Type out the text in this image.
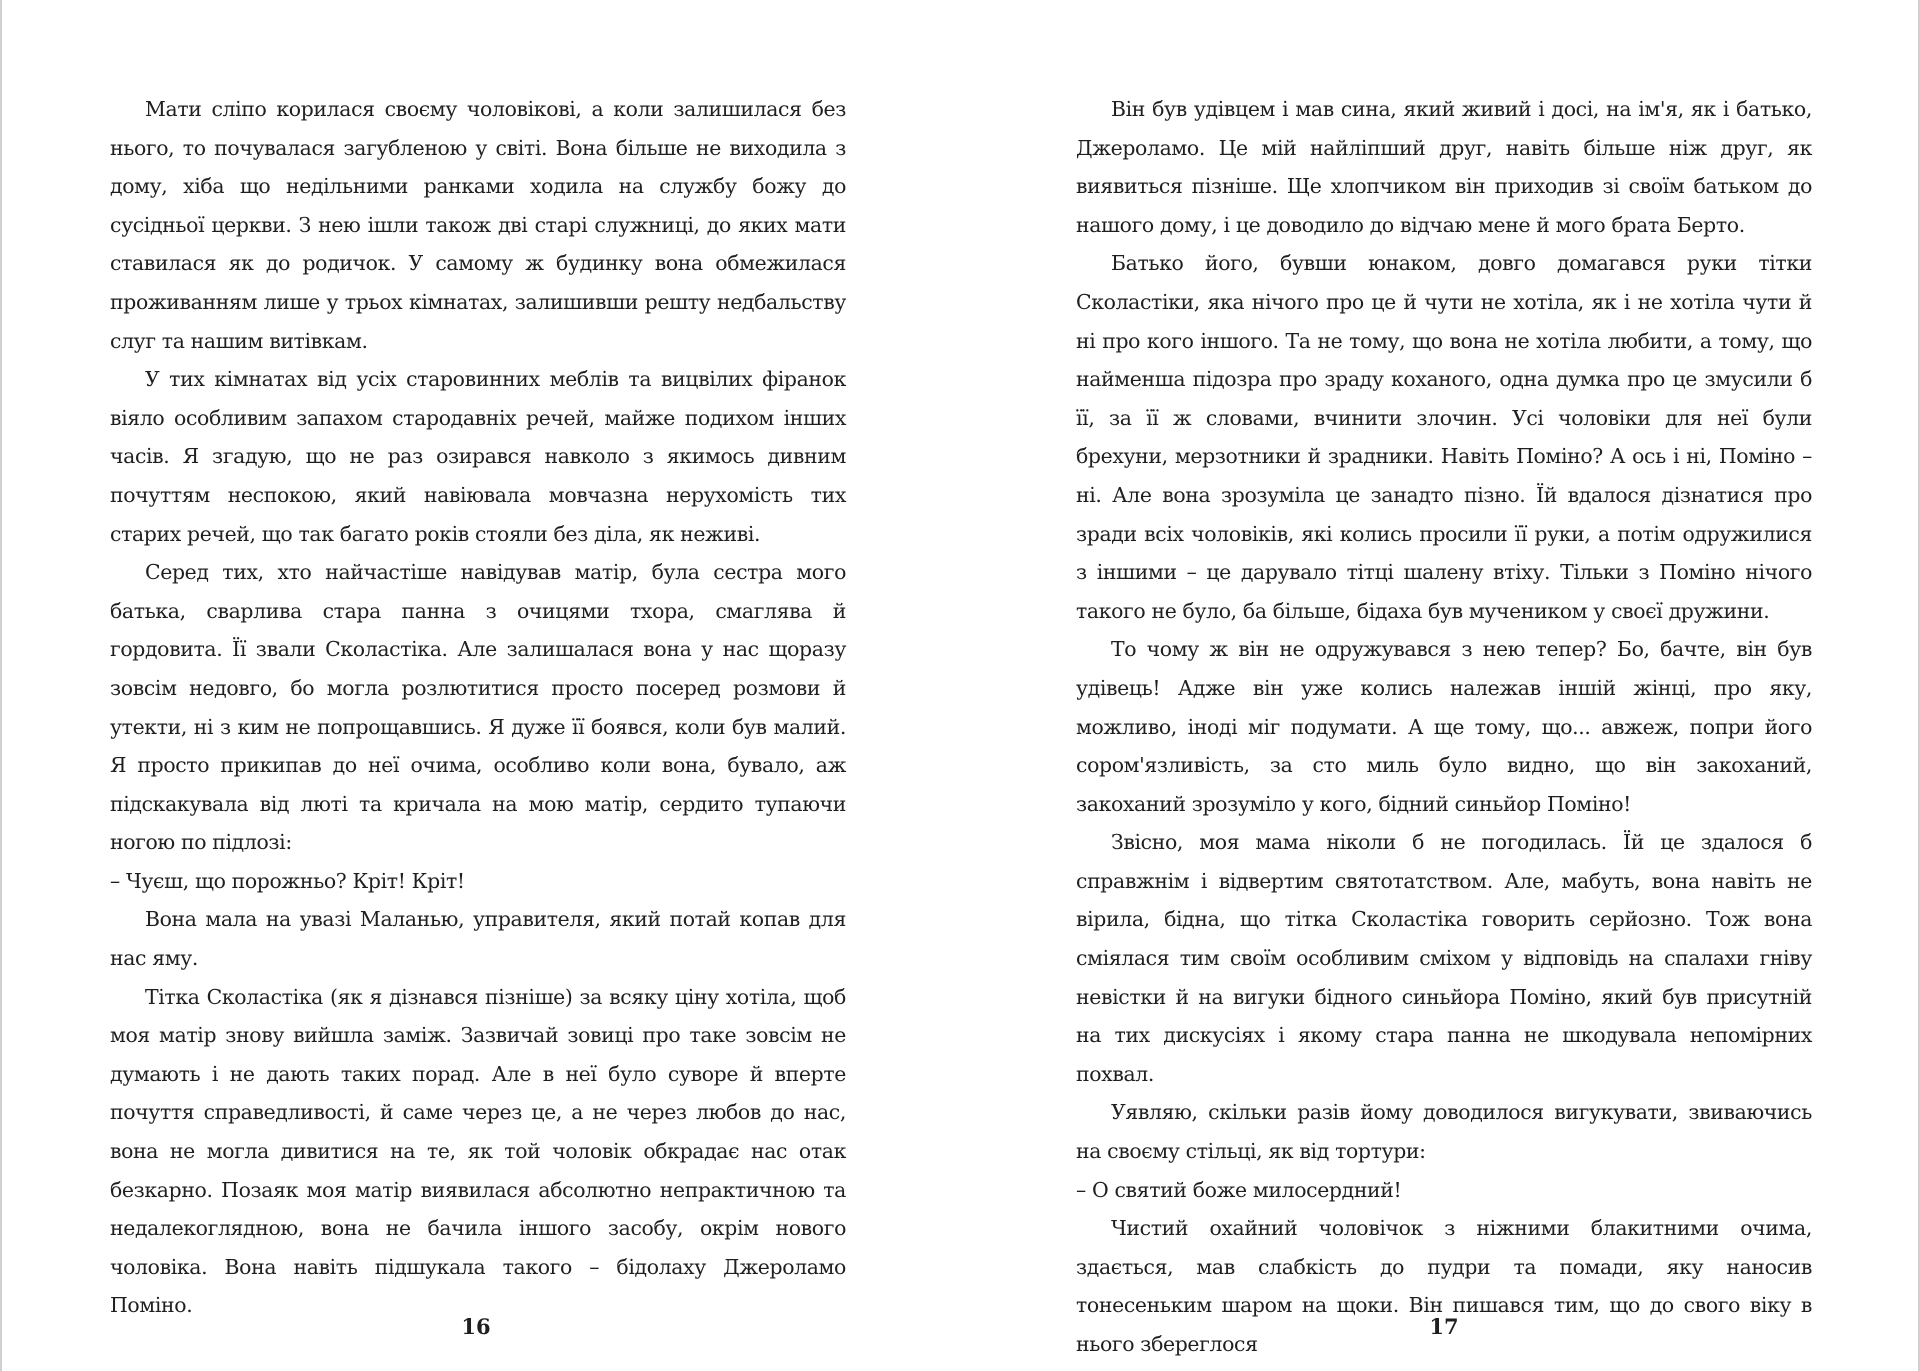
Мати сліпо корилася своєму чоловікові, а коли залишилася без нього, то почувалася загубленою у світі. Вона більше не виходила з дому, хіба що недільними ранками ходила на службу божу до сусідньої церкви. З нею ішли також дві старі служниці, до яких мати ставилася як до родичок. У самому ж будинку вона обмежилася проживанням лише у трьох кімнатах, залишивши решту недбальству слуг та нашим витівкам.

У тих кімнатах від усіх старовинних меблів та вицвілих фіранок віяло особливим запахом стародавніх речей, майже подихом інших часів. Я згадую, що не раз озирався навколо з якимось дивним почуттям неспокою, який навіювала мовчазна нерухомість тих старих речей, що так багато років стояли без діла, як неживі.

Серед тих, хто найчастіше навідував матір, була сестра мого батька, сварлива стара панна з очицями тхора, смаглява й гордовита. Її звали Сколастіка. Але залишалася вона у нас щоразу зовсім недовго, бо могла розлютитися просто посеред розмови й утекти, ні з ким не попрощавшись. Я дуже її боявся, коли був малий. Я просто прикипав до неї очима, особливо коли вона, бувало, аж підскакувала від люті та кричала на мою матір, сердито тупаючи ногою по підлозі:

– Чуєш, що порожньо? Кріт! Кріт!

Вона мала на увазі Маланью, управителя, який потай копав для нас яму.

Тітка Сколастіка (як я дізнався пізніше) за всяку ціну хотіла, щоб моя матір знову вийшла заміж. Зазвичай зовиці про таке зовсім не думають і не дають таких порад. Але в неї було суворе й вперте почуття справедливості, й саме через це, а не через любов до нас, вона не могла дивитися на те, як той чоловік обкрадає нас отак безкарно. Позаяк моя матір виявилася абсолютно непрактичною та недалекоглядною, вона не бачила іншого засобу, окрім нового чоловіка. Вона навіть підшукала такого – бідолаху Джероламо Поміно.

16

Він був удівцем і мав сина, який живий і досі, на ім'я, як і батько, Джероламо. Це мій найліпший друг, навіть більше ніж друг, як виявиться пізніше. Ще хлопчиком він приходив зі своїм батьком до нашого дому, і це доводило до відчаю мене й мого брата Берто.

Батько його, бувши юнаком, довго домагався руки тітки Сколастіки, яка нічого про це й чути не хотіла, як і не хотіла чути й ні про кого іншого. Та не тому, що вона не хотіла любити, а тому, що найменша підозра про зраду коханого, одна думка про це змусили б її, за її ж словами, вчинити злочин. Усі чоловіки для неї були брехуни, мерзотники й зрадники. Навіть Поміно? А ось і ні, Поміно – ні. Але вона зрозуміла це занадто пізно. Їй вдалося дізнатися про зради всіх чоловіків, які колись просили її руки, а потім одружилися з іншими – це дарувало тітці шалену втіху. Тільки з Поміно нічого такого не було, ба більше, бідаха був мучеником у своєї дружини.

То чому ж він не одружувався з нею тепер? Бо, бачте, він був удівець! Адже він уже колись належав іншій жінці, про яку, можливо, іноді міг подумати. А ще тому, що... авжеж, попри його сором'язливість, за сто миль було видно, що він закоханий, закоханий зрозуміло у кого, бідний синьйор Поміно!

Звісно, моя мама ніколи б не погодилась. Їй це здалося б справжнім і відвертим святотатством. Але, мабуть, вона навіть не вірила, бідна, що тітка Сколастіка говорить серйозно. Тож вона сміялася тим своїм особливим сміхом у відповідь на спалахи гніву невістки й на вигуки бідного синьйора Поміно, який був присутній на тих дискусіях і якому стара панна не шкодувала непомірних похвал.

Уявляю, скільки разів йому доводилося вигукувати, звиваючись на своєму стільці, як від тортури:

– О святий боже милосердний!

Чистий охайний чоловічок з ніжними блакитними очима, здається, мав слабкість до пудри та помади, яку наносив тонесеньким шаром на щоки. Він пишався тим, що до свого віку в нього збереглося

17
